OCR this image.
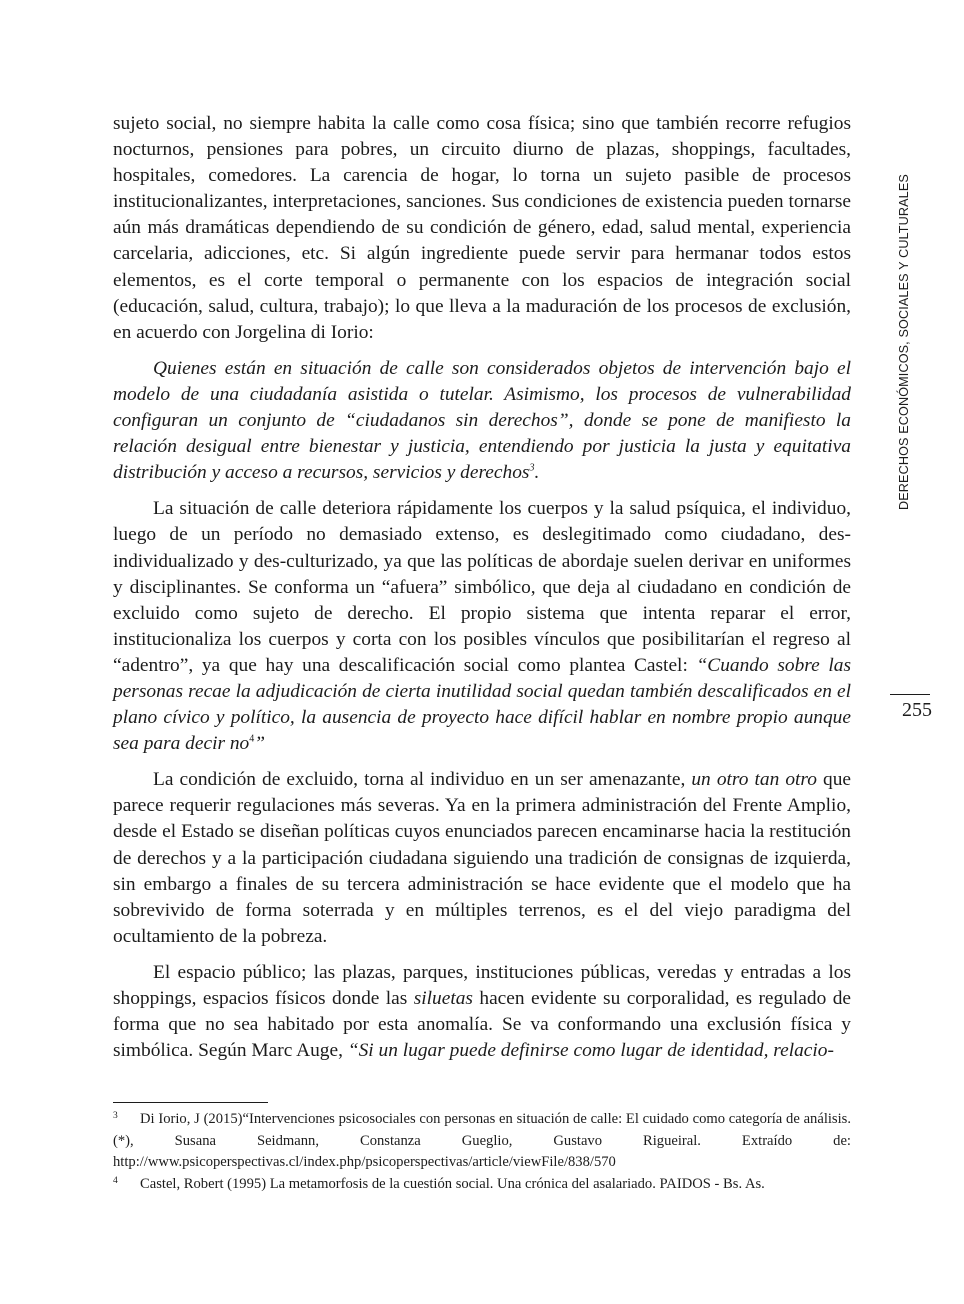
sujeto social, no siempre habita la calle como cosa física; sino que también recorre refugios nocturnos, pensiones para pobres, un circuito diurno de plazas, shoppings, facultades, hospitales, comedores. La carencia de hogar, lo torna un sujeto pasible de procesos institucionalizantes, interpretaciones, sanciones. Sus condiciones de existencia pueden tornarse aún más dramáticas dependiendo de su condición de género, edad, salud mental, experiencia carcelaria, adicciones, etc. Si algún ingrediente puede servir para hermanar todos estos elementos, es el corte temporal o permanente con los espacios de integración social (educación, salud, cultura, trabajo); lo que lleva a la maduración de los procesos de exclusión, en acuerdo con Jorgelina di Iorio:

Quienes están en situación de calle son considerados objetos de intervención bajo el modelo de una ciudadanía asistida o tutelar. Asimismo, los procesos de vulnerabilidad configuran un conjunto de “ciudadanos sin derechos”, donde se pone de manifiesto la relación desigual entre bienestar y justicia, entendiendo por justicia la justa y equitativa distribución y acceso a recursos, servicios y derechos$^3$.

La situación de calle deteriora rápidamente los cuerpos y la salud psíquica, el individuo, luego de un período no demasiado extenso, es deslegitimado como ciudadano, des- individualizado y des-culturizado, ya que las políticas de abordaje suelen derivar en uniformes y disciplinantes. Se conforma un “afuera” simbólico, que deja al ciudadano en condición de excluido como sujeto de derecho. El propio sistema que intenta reparar el error, institucionaliza los cuerpos y corta con los posibles vínculos que posibilitarían el regreso al “adentro”, ya que hay una descalificación social como plantea Castel: “Cuando sobre las personas recae la adjudicación de cierta inutilidad social quedan también descalificados en el plano cívico y político, la ausencia de proyecto hace difícil hablar en nombre propio aunque sea para decir $no^4$”

La condición de excluido, torna al individuo en un ser amenazante, un otro tan otro que parece requerir regulaciones más severas. Ya en la primera administración del Frente Amplio, desde el Estado se diseñan políticas cuyos enunciados parecen encaminarse hacia la restitución de derechos y a la participación ciudadana siguiendo una tradición de consignas de izquierda, sin embargo a finales de su tercera administración se hace evidente que el modelo que ha sobrevivido de forma soterrada y en múltiples terrenos, es el del viejo paradigma del ocultamiento de la pobreza.

El espacio público; las plazas, parques, instituciones públicas, veredas y entradas a los shoppings, espacios físicos donde las siluetas hacen evidente su corporalidad, es regulado de forma que no sea habitado por esta anomalía. Se va conformando una exclusión física y simbólica. Según Marc Auge, “Si un lugar puede definirse como lugar de identidad, relacio-

DERECHOS ECONÓMICOS, SOCIALES Y CULTURALES
255

3 Di Iorio, J (2015)“Intervenciones psicosociales con personas en situación de calle: El cuidado como categoría de análisis. (*), Susana Seidmann, Constanza Gueglio, Gustavo Rigueiral. Extraído de: http://www.psicoperspectivas.cl/index.php/psicoperspectivas/article/viewFile/838/570

4 Castel, Robert (1995) La metamorfosis de la cuestión social. Una crónica del asalariado. PAIDOS - Bs. As.
